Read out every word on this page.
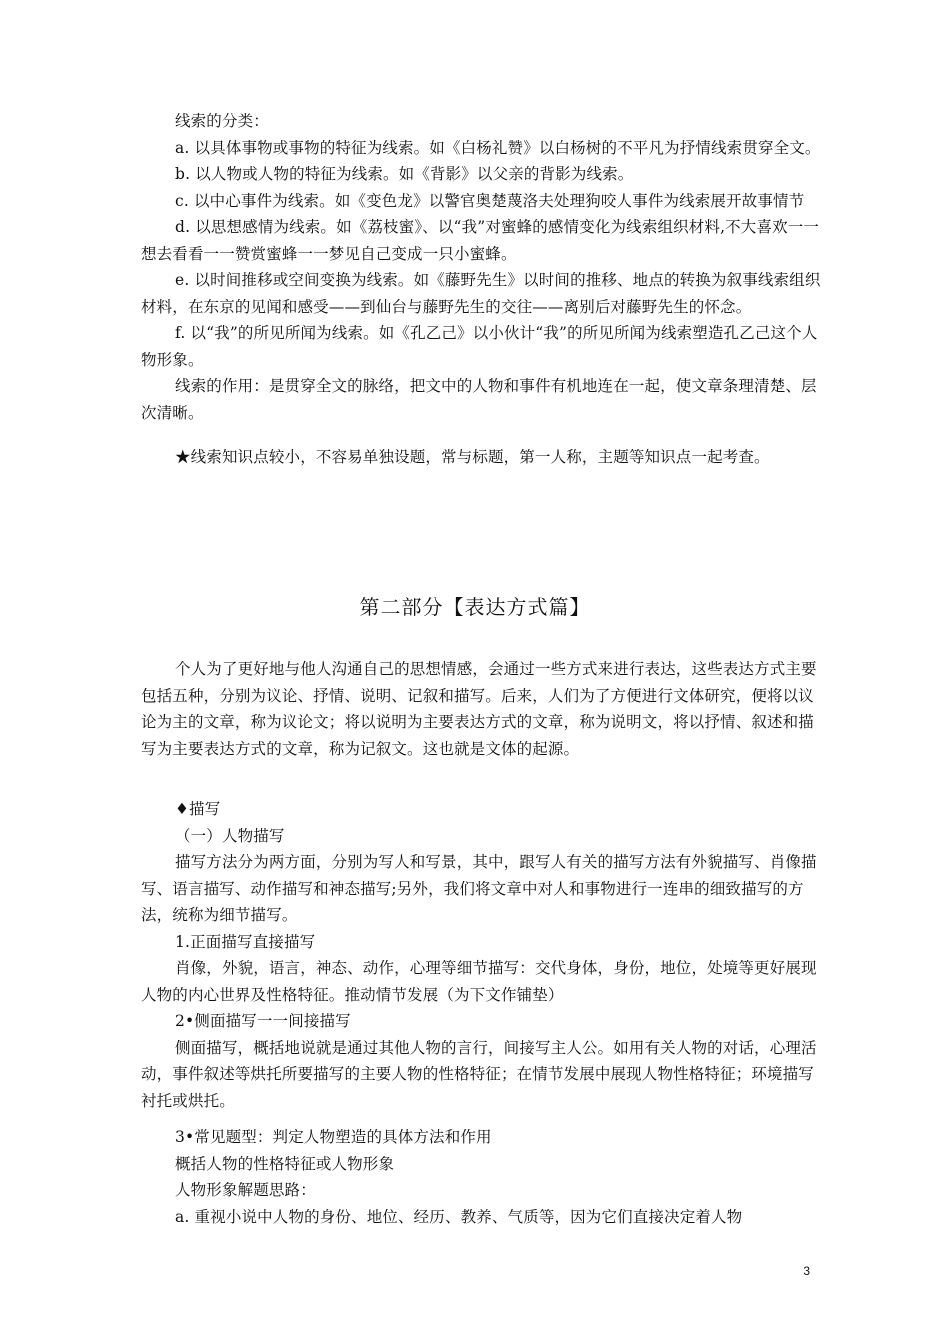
线索的分类：

a. 以具体事物或事物的特征为线索。如《白杨礼赞》以白杨树的不平凡为抒情线索贯穿全文。

b. 以人物或人物的特征为线索。如《背影》以父亲的背影为线索。

c. 以中心事件为线索。如《变色龙》以警官奥楚蔑洛夫处理狗咬人事件为线索展开故事情节

d. 以思想感情为线索。如《荔枝蜜》、以“我”对蜜蜂的感情变化为线索组织材料,不大喜欢一一想去看看一一赞赏蜜蜂一一梦见自己变成一只小蜜蜂。

e. 以时间推移或空间变换为线索。如《藤野先生》以时间的推移、地点的转换为叙事线索组织材料，在东京的见闻和感受——到仙台与藤野先生的交往——离别后对藤野先生的怀念。

f. 以“我”的所见所闻为线索。如《孔乙己》以小伙计“我”的所见所闻为线索塑造孔乙己这个人物形象。

线索的作用：是贯穿全文的脉络，把文中的人物和事件有机地连在一起，使文章条理清楚、层次清晰。

★线索知识点较小，不容易单独设题，常与标题，第一人称，主题等知识点一起考查。

第二部分【表达方式篇】

个人为了更好地与他人沟通自己的思想情感，会通过一些方式来进行表达，这些表达方式主要包括五种，分别为议论、抒情、说明、记叙和描写。后来，人们为了方便进行文体研究，便将以议论为主的文章，称为议论文；将以说明为主要表达方式的文章，称为说明文，将以抒情、叙述和描写为主要表达方式的文章，称为记叙文。这也就是文体的起源。

♦描写

（一）人物描写

描写方法分为两方面，分别为写人和写景，其中，跟写人有关的描写方法有外貌描写、肖像描写、语言描写、动作描写和神态描写;另外，我们将文章中对人和事物进行一连串的细致描写的方法，统称为细节描写。

1.正面描写直接描写

肖像，外貌，语言，神态、动作，心理等细节描写：交代身体，身份，地位，处境等更好展现人物的内心世界及性格特征。推动情节发展（为下文作铺垫）

2•侧面描写一一间接描写

侧面描写，概括地说就是通过其他人物的言行，间接写主人公。如用有关人物的对话，心理活动，事件叙述等烘托所要描写的主要人物的性格特征；在情节发展中展现人物性格特征；环境描写衬托或烘托。

3•常见题型：判定人物塑造的具体方法和作用

概括人物的性格特征或人物形象

人物形象解题思路：

a. 重视小说中人物的身份、地位、经历、教养、气质等，因为它们直接决定着人物

3
